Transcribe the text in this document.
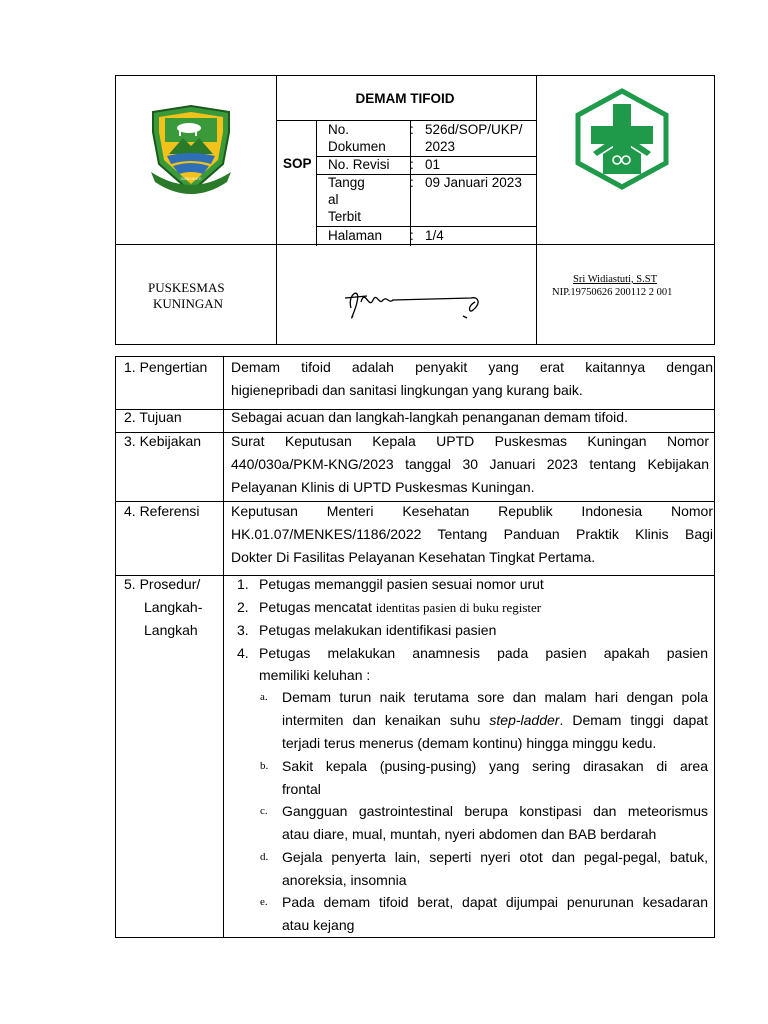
SUGIH MUKTI
DEMAM TIFOID
SOP
No.
Dokumen
: 526d/SOP/UKP/
2023
No. Revisi : 01
Tangg
al
Terbit
: 09 Januari 2023
Halaman : 1/4
PUSKESMAS
KUNINGAN
Sri Widiastuti, S.ST
NIP.19750626 200112 2 001
1. Pengertian Demam tifoid adalah penyakit yang erat kaitannya dengan
higienepribadi dan sanitasi lingkungan yang kurang baik.
2. Tujuan	Sebagai acuan dan langkah-langkah penanganan demam tifoid.
3. Kebijakan Surat Keputusan Kepala UPTD Puskesmas Kuningan Nomor
440/030a/PKM-KNG/2023 tanggal 30 Januari 2023 tentang Kebijakan
Pelayanan Klinis di UPTD Puskesmas Kuningan.
4. Referensi Keputusan Menteri Kesehatan Republik Indonesia Nomor
HK.01.07/MENKES/1186/2022 Tentang Panduan Praktik Klinis Bagi
Dokter Di Fasilitas Pelayanan Kesehatan Tingkat Pertama.
5. Prosedur/
Langkah-
Langkah
1. Petugas memanggil pasien sesuai nomor urut
2. Petugas mencatat identitas pasien di buku register
3. Petugas melakukan identifikasi pasien
4. Petugas melakukan anamnesis pada pasien apakah pasien
memiliki keluhan :
a. Demam turun naik terutama sore dan malam hari dengan pola
intermiten dan kenaikan suhu step-ladder. Demam tinggi dapat
terjadi terus menerus (demam kontinu) hingga minggu kedu.
b. Sakit kepala (pusing-pusing) yang sering dirasakan di area
frontal
c. Gangguan gastrointestinal berupa konstipasi dan meteorismus
atau diare, mual, muntah, nyeri abdomen dan BAB berdarah
d. Gejala penyerta lain, seperti nyeri otot dan pegal-pegal, batuk,
anoreksia, insomnia
e. Pada demam tifoid berat, dapat dijumpai penurunan kesadaran
atau kejang
